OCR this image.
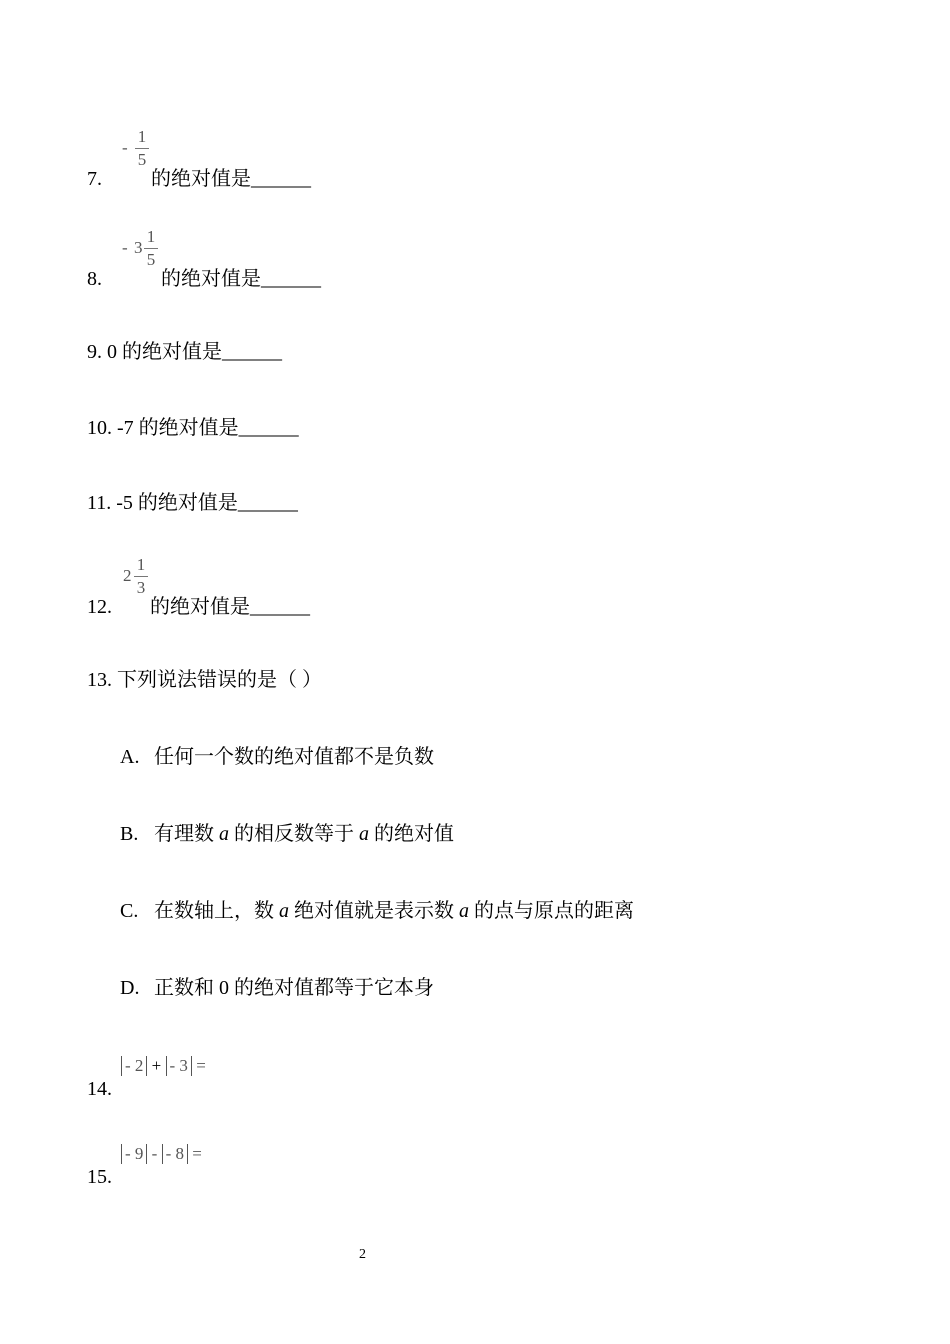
-
1
5
7. 的绝对值是______
- 3
1
5
8.	的绝对值是______
9. 0 的绝对值是______
10. -7 的绝对值是______
11. -5 的绝对值是______
2
1
3
12. 的绝对值是______
13. 下列说法错误的是（ ）
A. 任何一个数的绝对值都不是负数
B. 有理数 a 的相反数等于 a 的绝对值
C. 在数轴上，数 a 绝对值就是表示数 a 的点与原点的距离
D. 正数和 0 的绝对值都等于它本身
- 2 + - 3 =
14.
- 9 - - 8 =
15.
2
